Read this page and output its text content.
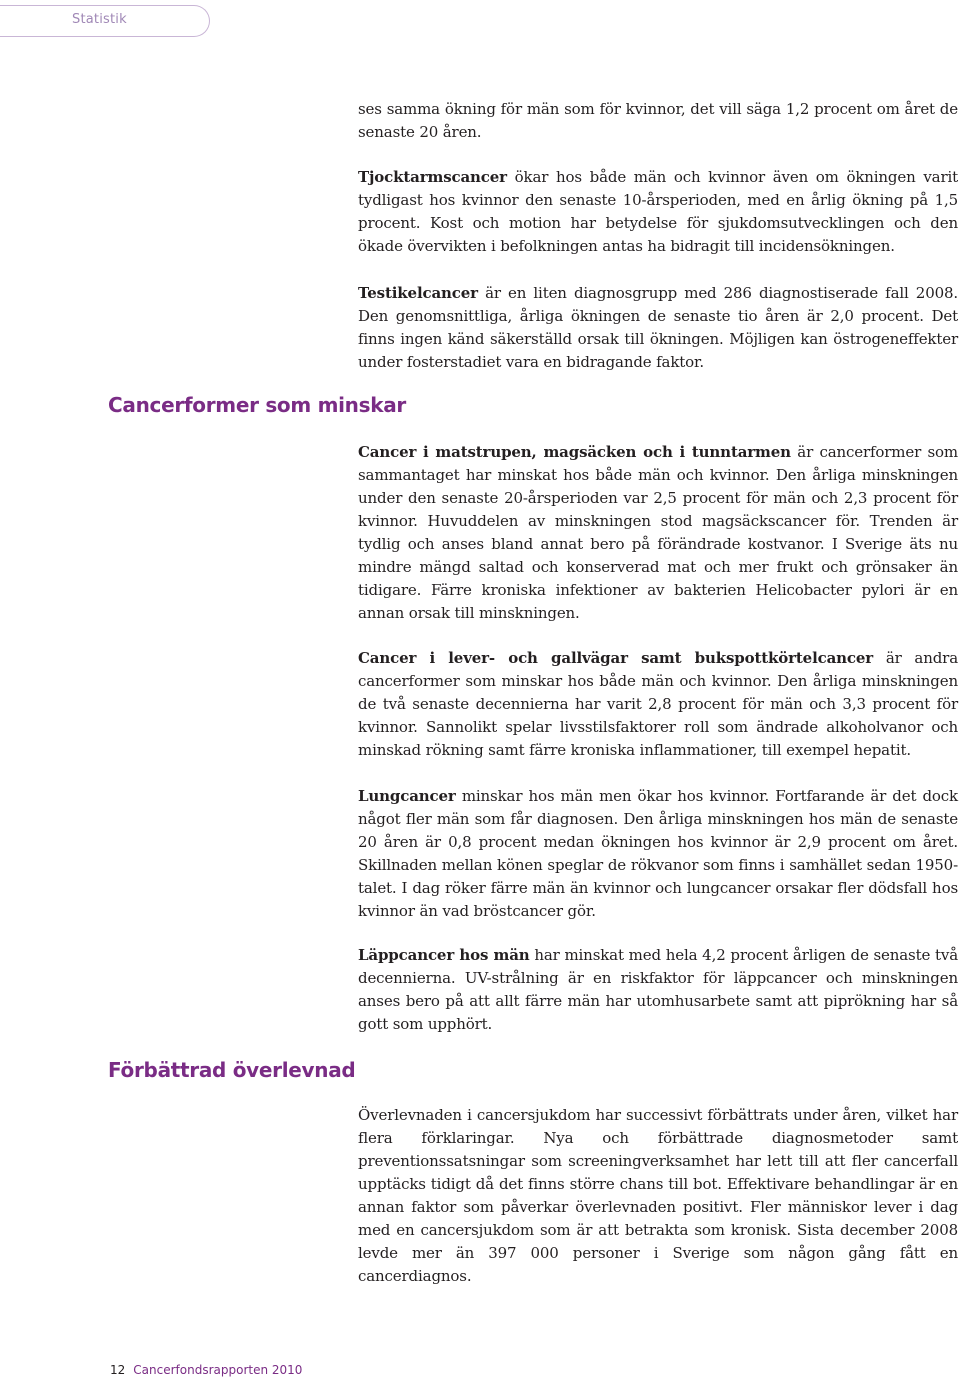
Statistik

ses samma ökning för män som för kvinnor, det vill säga 1,2 procent om året de senaste 20 åren.

Tjocktarmscancer ökar hos både män och kvinnor även om ökningen varit tydligast hos kvinnor den senaste 10-årsperioden, med en årlig ökning på 1,5 procent. Kost och motion har betydelse för sjukdomsutvecklingen och den ökade övervikten i befolkningen antas ha bidragit till incidensökningen.

Testikelcancer är en liten diagnosgrupp med 286 diagnostiserade fall 2008. Den genomsnittliga, årliga ökningen de senaste tio åren är 2,0 procent. Det finns ingen känd säkerställd orsak till ökningen. Möjligen kan östrogeneffekter under fosterstadiet vara en bidragande faktor.

Cancerformer som minskar

Cancer i matstrupen, magsäcken och i tunntarmen är cancerformer som sammantaget har minskat hos både män och kvinnor. Den årliga minskningen under den senaste 20-årsperioden var 2,5 procent för män och 2,3 procent för kvinnor. Huvuddelen av minskningen stod magsäckscancer för. Trenden är tydlig och anses bland annat bero på förändrade kostvanor. I Sverige äts nu mindre mängd saltad och konserverad mat och mer frukt och grönsaker än tidigare. Färre kroniska infektioner av bakterien Helicobacter pylori är en annan orsak till minskningen.

Cancer i lever- och gallvägar samt bukspottkörtelcancer är andra cancerformer som minskar hos både män och kvinnor. Den årliga minskningen de två senaste decennierna har varit 2,8 procent för män och 3,3 procent för kvinnor. Sannolikt spelar livsstilsfaktorer roll som ändrade alkoholvanor och minskad rökning samt färre kroniska inflammationer, till exempel hepatit.

Lungcancer minskar hos män men ökar hos kvinnor. Fortfarande är det dock något fler män som får diagnosen. Den årliga minskningen hos män de senaste 20 åren är 0,8 procent medan ökningen hos kvinnor är 2,9 procent om året. Skillnaden mellan könen speglar de rökvanor som finns i samhället sedan 1950-talet. I dag röker färre män än kvinnor och lungcancer orsakar fler dödsfall hos kvinnor än vad bröstcancer gör.

Läppcancer hos män har minskat med hela 4,2 procent årligen de senaste två decennierna. UV-strålning är en riskfaktor för läppcancer och minskningen anses bero på att allt färre män har utomhusarbete samt att piprökning har så gott som upphört.

Förbättrad överlevnad

Överlevnaden i cancersjukdom har successivt förbättrats under åren, vilket har flera förklaringar. Nya och förbättrade diagnosmetoder samt preventionssatsningar som screeningverksamhet har lett till att fler cancerfall upptäcks tidigt då det finns större chans till bot. Effektivare behandlingar är en annan faktor som påverkar överlevnaden positivt. Fler människor lever i dag med en cancersjukdom som är att betrakta som kronisk. Sista december 2008 levde mer än 397 000 personer i Sverige som någon gång fått en cancerdiagnos.

12 Cancerfondsrapporten 2010
